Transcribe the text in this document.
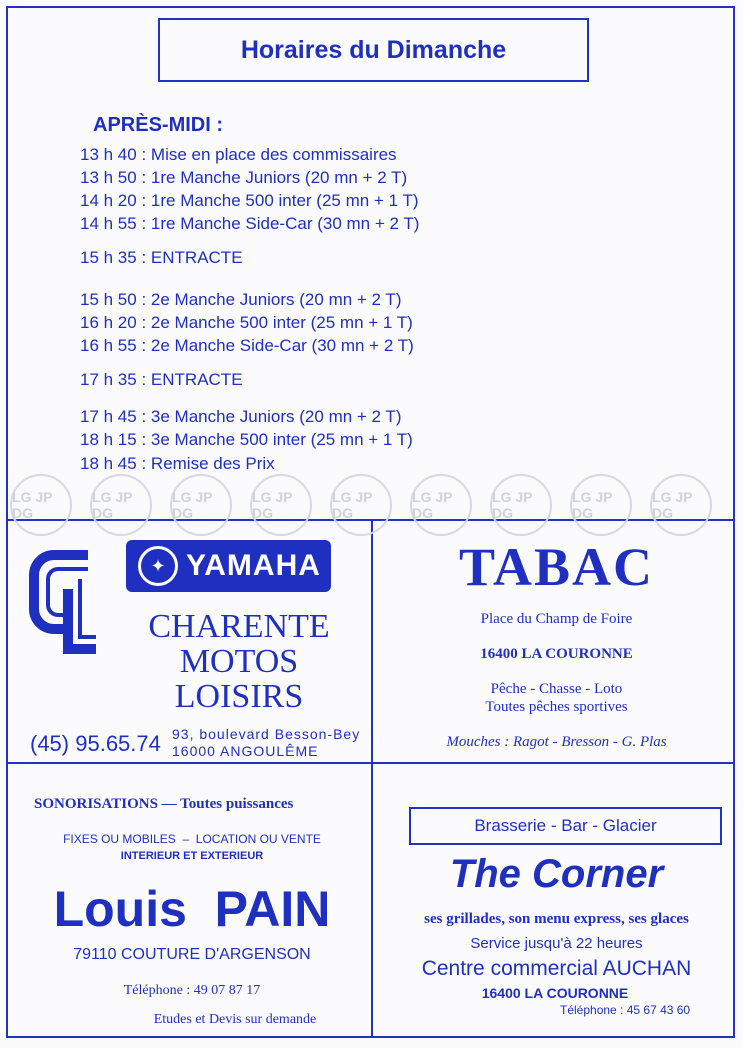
Horaires du Dimanche
APRÈS-MIDI :
13 h 40 : Mise en place des commissaires
13 h 50 : 1re Manche Juniors (20 mn + 2 T)
14 h 20 : 1re Manche 500 inter (25 mn + 1 T)
14 h 55 : 1re Manche Side-Car (30 mn + 2 T)
15 h 35 : ENTRACTE
15 h 50 : 2e Manche Juniors (20 mn + 2 T)
16 h 20 : 2e Manche 500 inter (25 mn + 1 T)
16 h 55 : 2e Manche Side-Car (30 mn + 2 T)
17 h 35 : ENTRACTE
17 h 45 : 3e Manche Juniors (20 mn + 2 T)
18 h 15 : 3e Manche 500 inter (25 mn + 1 T)
18 h 45 : Remise des Prix
LG JP DG
LG JP DG
LG JP DG
LG JP DG
LG JP DG
LG JP DG
LG JP DG
LG JP DG
LG JP DG
✦ YAMAHA
CHARENTE
MOTOS
LOISIRS
(45) 95.65.74 93, boulevard Besson-Bey
16000 ANGOULÊME
TABAC
Place du Champ de Foire
16400 LA COURONNE
Pêche - Chasse - Loto
Toutes pêches sportives
Mouches : Ragot - Bresson - G. Plas
SONORISATIONS — Toutes puissances
FIXES OU MOBILES  –  LOCATION OU VENTE
INTERIEUR ET EXTERIEUR
Louis  PAIN
79110 COUTURE D'ARGENSON
Téléphone : 49 07 87 17
Etudes et Devis sur demande
Brasserie - Bar - Glacier
The Corner
ses grillades, son menu express, ses glaces
Service jusqu'à 22 heures
Centre commercial AUCHAN
16400 LA COURONNE
Téléphone : 45 67 43 60
